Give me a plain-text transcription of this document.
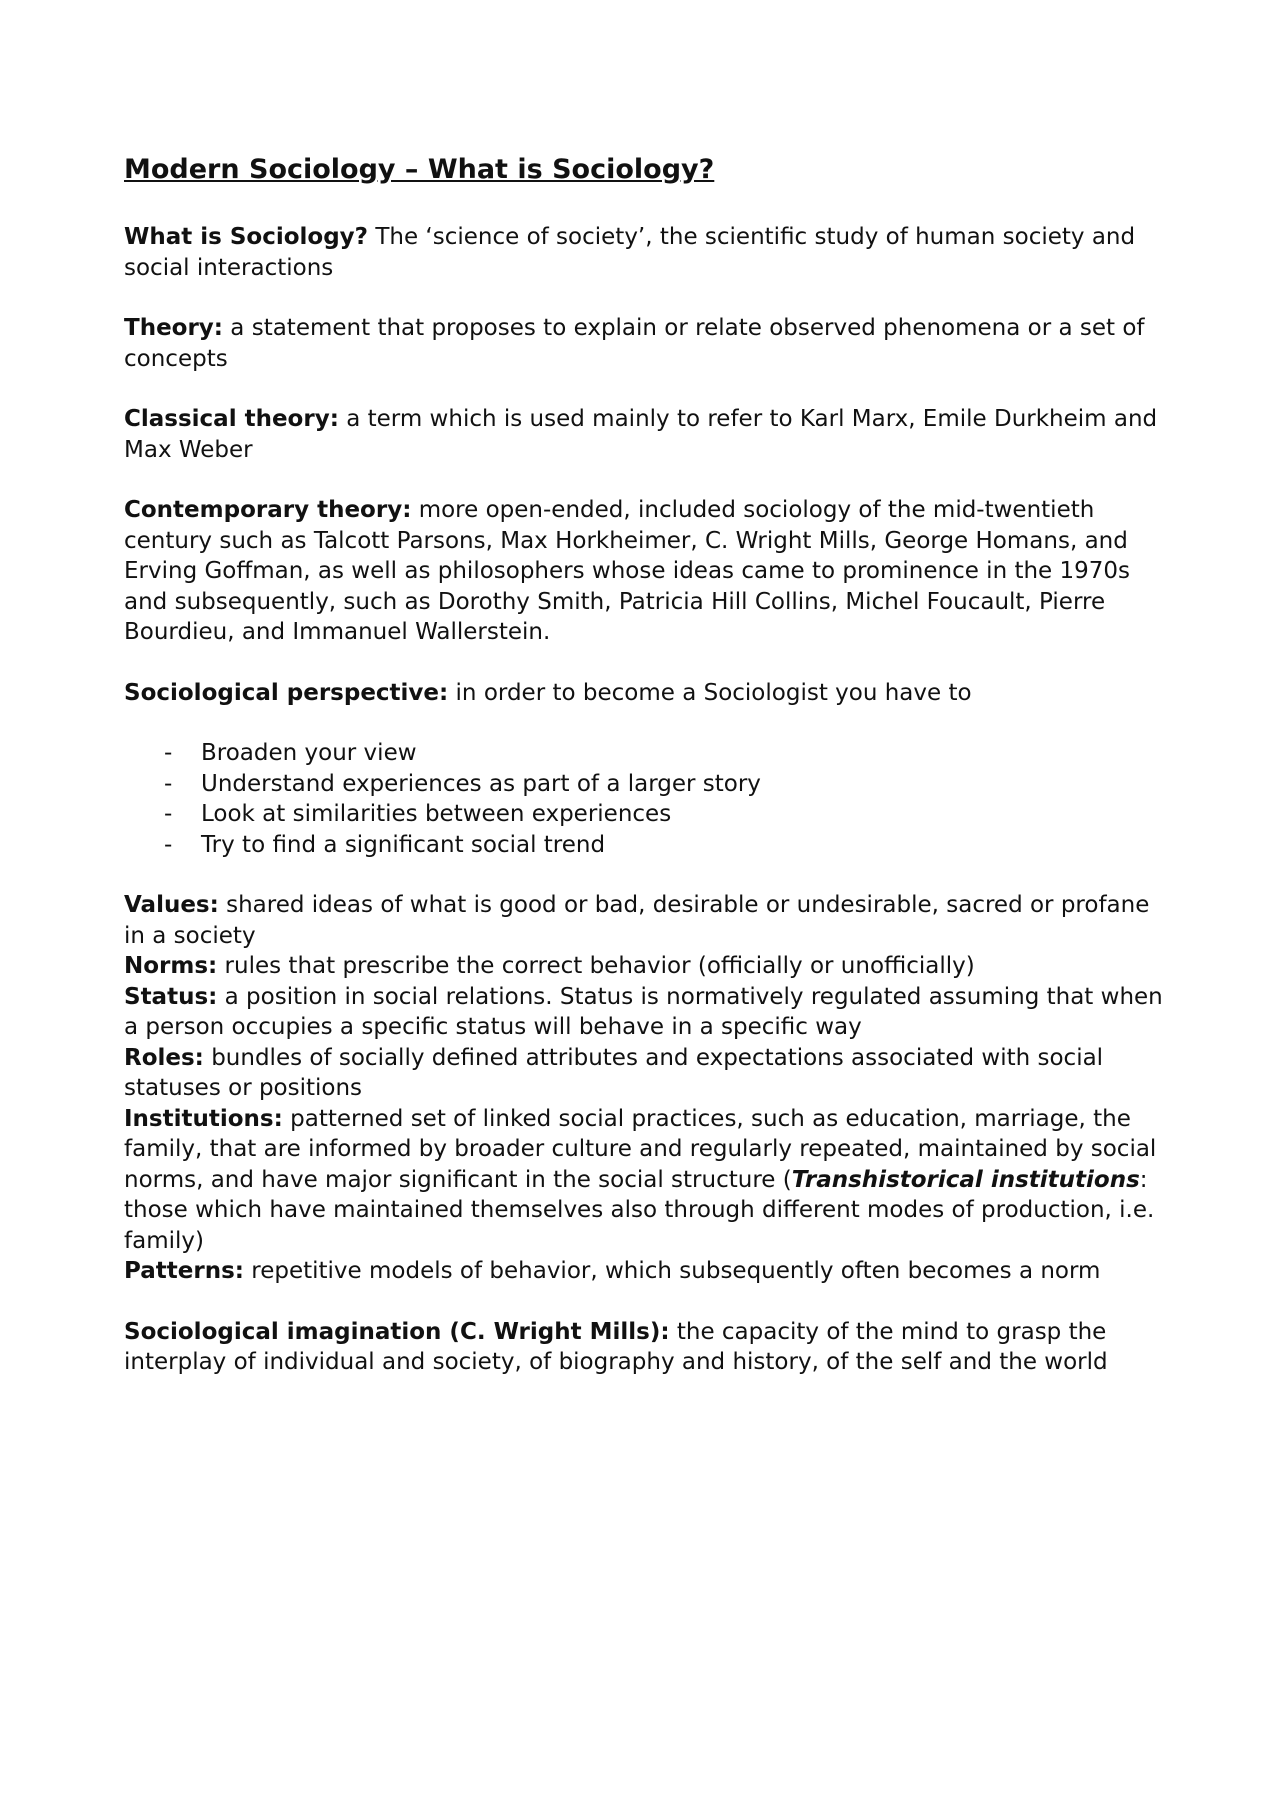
Modern Sociology – What is Sociology?

What is Sociology? The ‘science of society’, the scientific study of human society and social interactions

Theory: a statement that proposes to explain or relate observed phenomena or a set of concepts

Classical theory: a term which is used mainly to refer to Karl Marx, Emile Durkheim and Max Weber

Contemporary theory: more open-ended, included sociology of the mid-twentieth century such as Talcott Parsons, Max Horkheimer, C. Wright Mills, George Homans, and Erving Goffman, as well as philosophers whose ideas came to prominence in the 1970s and subsequently, such as Dorothy Smith, Patricia Hill Collins, Michel Foucault, Pierre Bourdieu, and Immanuel Wallerstein.

Sociological perspective: in order to become a Sociologist you have to

- Broaden your view
- Understand experiences as part of a larger story
- Look at similarities between experiences
- Try to find a significant social trend

Values: shared ideas of what is good or bad, desirable or undesirable, sacred or profane in a society

Norms: rules that prescribe the correct behavior (officially or unofficially)

Status: a position in social relations. Status is normatively regulated assuming that when a person occupies a specific status will behave in a specific way

Roles: bundles of socially defined attributes and expectations associated with social statuses or positions

Institutions: patterned set of linked social practices, such as education, marriage, the family, that are informed by broader culture and regularly repeated, maintained by social norms, and have major significant in the social structure (Transhistorical institutions: those which have maintained themselves also through different modes of production, i.e. family)

Patterns: repetitive models of behavior, which subsequently often becomes a norm

Sociological imagination (C. Wright Mills): the capacity of the mind to grasp the interplay of individual and society, of biography and history, of the self and the world
